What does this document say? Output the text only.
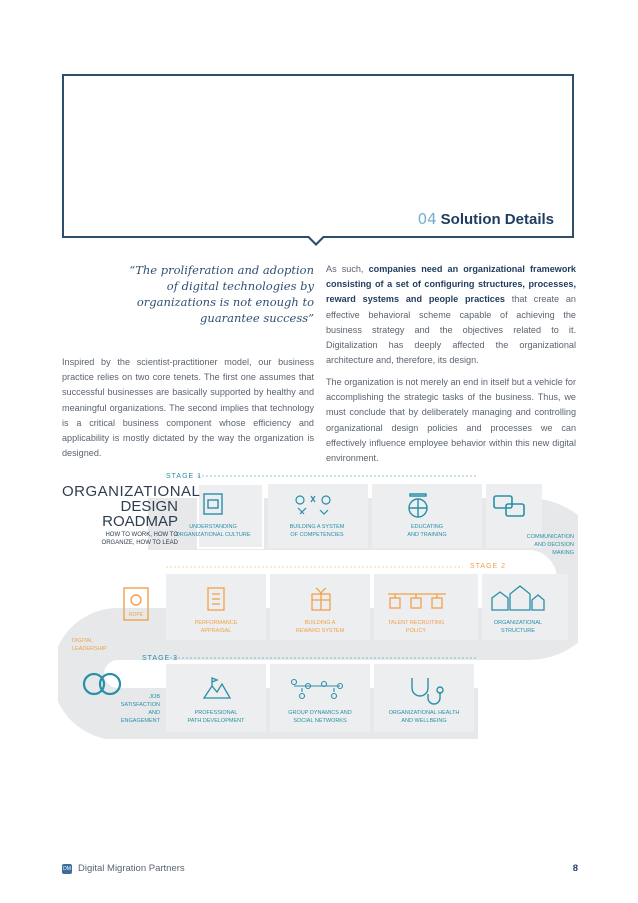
04 Solution Details
“The proliferation and adoption of digital technologies by organizations is not enough to guarantee success”

Inspired by the scientist-practitioner model, our business practice relies on two core tenets. The first one assumes that successful businesses are basically supported by healthy and meaningful organizations. The second implies that technology is a critical business component whose efficiency and applicability is mostly dictated by the way the organization is designed.

As such, companies need an organizational framework consisting of a set of configuring structures, processes, reward systems and people practices that create an effective behavioral scheme capable of achieving the business strategy and the objectives related to it. Digitalization has deeply affected the organizational architecture and, therefore, its design.

The organization is not merely an end in itself but a vehicle for accomplishing the strategic tasks of the business. Thus, we must conclude that by deliberately managing and controlling organizational design policies and processes we can effectively influence employee behavior within this new digital environment.

ORGANIZATIONAL
DESIGN
ROADMAP
HOW TO WORK, HOW TO
ORGANIZE, HOW TO LEAD
STAGE 1
STAGE 2
STAGE 3
UNDERSTANDING
ORGANIZATIONAL CULTURE
BUILDING A SYSTEM
OF COMPETENCIES
EDUCATING
AND TRAINING	COMMUNICATION
AND DECISION
MAKING
ROPE
PERFORMANCE
APPRAISAL
BUILDING A
REWARD SYSTEM
TALENT RECRUITING
POLICY
ORGANIZATIONAL
STRUCTURE
DIGITAL
LEADERSHIP
JOB
SATISFACTION
AND
ENGAGEMENT
PROFESSIONAL
PATH DEVELOPMENT
GROUP DYNAMICS AND
SOCIAL NETWORKS
ORGANIZATIONAL HEALTH
AND WELLBEING
DM Digital Migration Partners	8
